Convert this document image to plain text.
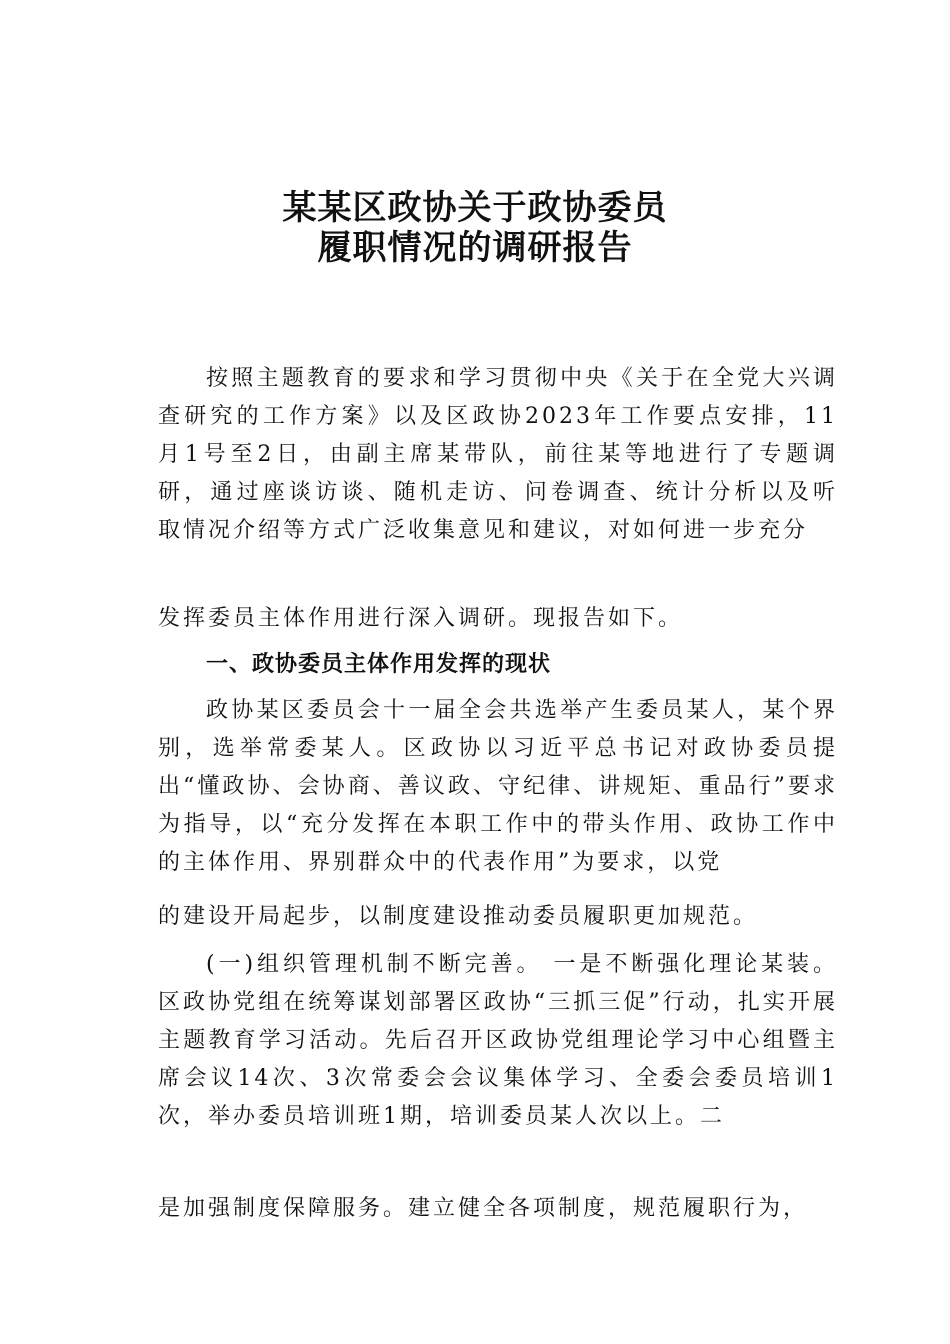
某某区政协关于政协委员
履职情况的调研报告
按照主题教育的要求和学习贯彻中央《关于在全党大兴调查研究的工作方案》以及区政协2023年工作要点安排，11 月1号至2日，由副主席某带队，前往某等地进行了专题调 研，通过座谈访谈、随机走访、问卷调查、统计分析以及听 取情况介绍等方式广泛收集意见和建议，对如何进一步充分
发挥委员主体作用进行深入调研。现报告如下。
一、政协委员主体作用发挥的现状
政协某区委员会十一届全会共选举产生委员某人，某个界别，选举常委某人。区政协以习近平总书记对政协委员提出“懂政协、会协商、善议政、守纪律、讲规矩、重品行”要求为指导，以“充分发挥在本职工作中的带头作用、政协工作中的主体作用、界别群众中的代表作用”为要求，以党
的建设开局起步，以制度建设推动委员履职更加规范。
(一)组织管理机制不断完善。 一是不断强化理论某装。区政协党组在统筹谋划部署区政协“三抓三促”行动，扎实开展主题教育学习活动。先后召开区政协党组理论学习中心组暨主席会议14次、3次常委会会议集体学习、全委会委员培训1 次，举办委员培训班1期，培训委员某人次以上。二
是加强制度保障服务。建立健全各项制度，规范履职行为，
